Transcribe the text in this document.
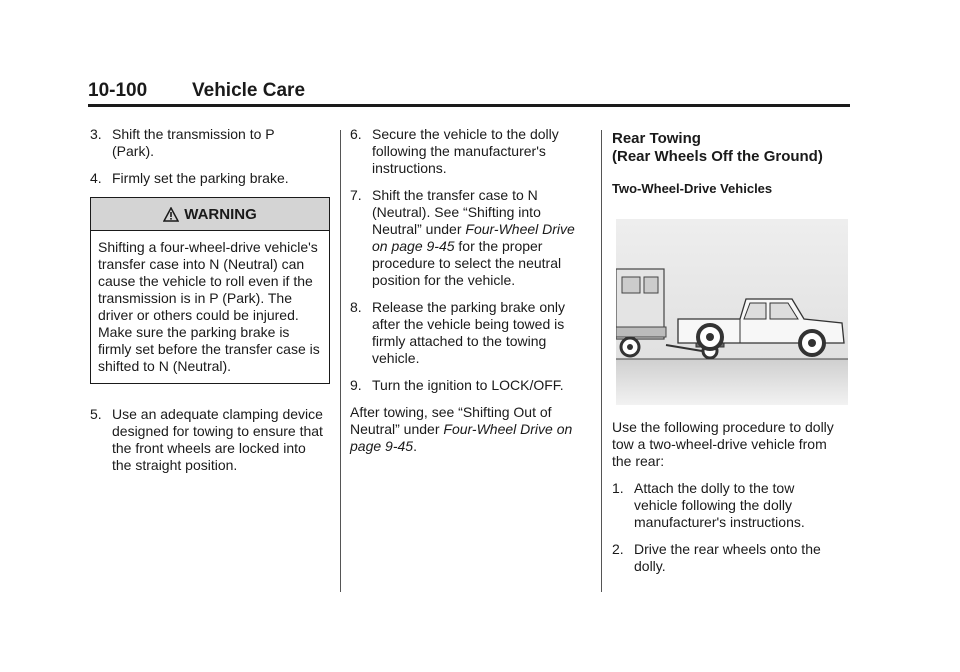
10-100 Vehicle Care
3. Shift the transmission to P (Park).
4. Firmly set the parking brake.
WARNING
Shifting a four-wheel-drive vehicle's transfer case into N (Neutral) can cause the vehicle to roll even if the transmission is in P (Park). The driver or others could be injured. Make sure the parking brake is firmly set before the transfer case is shifted to N (Neutral).
5. Use an adequate clamping device designed for towing to ensure that the front wheels are locked into the straight position.
6. Secure the vehicle to the dolly following the manufacturer's instructions.
7. Shift the transfer case to N (Neutral). See “Shifting into Neutral” under Four-Wheel Drive on page 9-45 for the proper procedure to select the neutral position for the vehicle.
8. Release the parking brake only after the vehicle being towed is firmly attached to the towing vehicle.
9. Turn the ignition to LOCK/OFF.

After towing, see “Shifting Out of Neutral” under Four-Wheel Drive on page 9-45.

Rear Towing
(Rear Wheels Off the Ground)
Two-Wheel-Drive Vehicles

Use the following procedure to dolly tow a two-wheel-drive vehicle from the rear:

1. Attach the dolly to the tow vehicle following the dolly manufacturer's instructions.
2. Drive the rear wheels onto the dolly.
